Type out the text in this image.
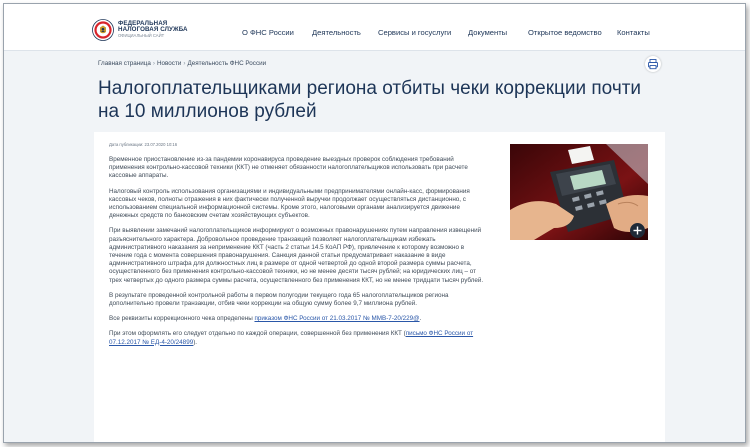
ФЕДЕРАЛЬНАЯ
НАЛОГОВАЯ СЛУЖБА
ОФИЦИАЛЬНЫЙ САЙТ	О ФНС России Деятельность Сервисы и госуслуги Документы	Открытое ведомство Контакты
Главная страница › Новости › Деятельность ФНС России
Налогоплательщиками региона отбиты чеки коррекции почти на 10 миллионов рублей
Дата публикации: 23.07.2020 10:16

Временное приостановление из-за пандемии коронавируса проведение выездных проверок соблюдения требований применения контрольно-кассовой техники (ККТ) не отменяет обязанности налогоплательщиков использовать при расчете кассовые аппараты.

Налоговый контроль использования организациями и индивидуальными предпринимателями онлайн-касс, формирования кассовых чеков, полноты отражения в них фактически полученной выручки продолжает осуществляться дистанционно, с использованием специальной информационной системы. Кроме этого, налоговыми органами анализируется движение денежных средств по банковским счетам хозяйствующих субъектов.

При выявлении замечаний налогоплательщиков информируют о возможных правонарушениях путем направления извещений разъяснительного характера. Добровольное проведение транзакций позволяет налогоплательщикам избежать административного наказания за неприменение ККТ (часть 2 статьи 14.5 КоАП РФ), привлечение к которому возможно в течение года с момента совершения правонарушения. Санкция данной статьи предусматривает наказание в виде административного штрафа для должностных лиц в размере от одной четвертой до одной второй размера суммы расчета, осуществленного без применения контрольно-кассовой техники, но не менее десяти тысяч рублей; на юридических лиц – от трех четвертых до одного размера суммы расчета, осуществленного без применения ККТ, но не менее тридцати тысяч рублей.

В результате проведенной контрольной работы в первом полугодии текущего года 65 налогоплательщиков региона дополнительно провели транзакции, отбив чеки коррекции на общую сумму более 9,7 миллиона рублей.

Все реквизиты коррекционного чека определены приказом ФНС России от 21.03.2017 № ММВ-7-20/229@.

При этом оформлять его следует отдельно по каждой операции, совершенной без применения ККТ (письмо ФНС России от 07.12.2017 № ЕД-4-20/24899).
